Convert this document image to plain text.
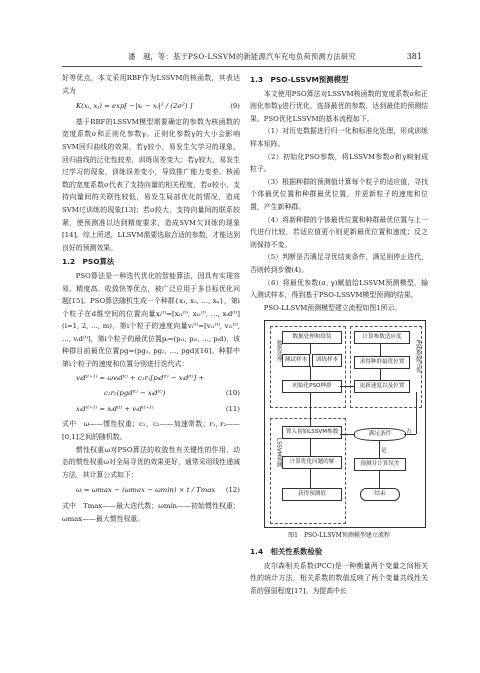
潘　越，等：基于PSO-LSSVM的新能源汽车充电负荷预测方法研究	381

好等优点，本文采用RBF作为LSSVM的核函数，其表达式为

K(xᵢ, xⱼ) = exp[ −|xᵢ − xⱼ|² / (2σ²) ]	(9)

基于RBF的LSSVM模型需要确定的参数为核函数的宽度系数σ和正则化参数γ。正则化参数γ的大小会影响SVM回归曲线的效果，若γ较小，易发生欠学习的现象，回归曲线的泛化性较差，训练误差变大；若γ较大，易发生过学习的现象，训练误差变小，导致推广能力变差。核函数的宽度系数σ代表了支持向量的相关程度，若σ较小，支持向量间的关联性较低，易发生局部优化的情况，造成SVM过训练的现象[13]；若σ较大，支持向量间的联系较紧，使预测准以达到精度要求，造成SVM欠训练的现象[14]。综上所述，LLSVM需要选取合适的参数，才能达到良好的预测效果。

1.2　PSO算法

PSO算法是一种迭代优化的智能算法，因具有实现容易、精度高、收敛快等优点，被广泛应用于多目标优化问题[15]。PSO算法随机生成一个种群{x₁, x₂, …, xₙ}，第i个粒子在d维空间的位置向量xᵢ⁽ᵗ⁾=[xᵢ₁⁽ᵗ⁾, xᵢ₂⁽ᵗ⁾, …, xᵢd⁽ᵗ⁾] (i=1, 2, …, m)，第i个粒子的速度向量vᵢ⁽ᵗ⁾=[vᵢ₁⁽ᵗ⁾, vᵢ₂⁽ᵗ⁾, …, vᵢd⁽ᵗ⁾]，第i个粒子的最优位置pᵢ=(pᵢ₁, pᵢ₂, …, pᵢd)，该种群目前最优位置pg=(pg₁, pg₂, …, pgd)[16]。种群中第i个粒子的速度和位置分别进行迭代式：

vᵢd⁽ᵗ⁺¹⁾ = ωvᵢd⁽ᵗ⁾ + c₁r₁[pᵢd⁽ᵗ⁾ − xᵢd⁽ᵗ⁾] +
c₂r₂(pgd⁽ᵗ⁾ − xᵢd⁽ᵗ⁾)	(10)
xᵢd⁽ᵗ⁺¹⁾ = xᵢd⁽ᵗ⁾ + vᵢd⁽ᵗ⁺¹⁾	(11)

式中　ω——惯性权重；c₁，c₂——加速常数；r₁, r₂——[0,1]之间的随机数。

惯性权重ω对PSO算法的收敛性有关键性的作用，动态的惯性权重ω对全局寻优的效果更好，通常采用线性递减方法，其计算公式如下：

ω = ωmax − (ωmax − ωmin) × t / Tmax (12)

式中　Tmax——最大迭代数；ωmin——初始惯性权重；ωmax——最大惯性权重。

1.3　PSO-LSSVM预测模型

本文使用PSO算法对LSSVM核函数的宽度系数σ和正则化参数γ进行优化，选择最优的参数，达到最佳的预测结果。PSO优化LSSVM的基本流程如下。

（1）对历史数据进行归一化和标准化处理，形成训练样本矩阵。

（2）初始化PSO参数，将LSSVM参数σ和γ映射成粒子。

（3）根据种群的预测值计算每个粒子的适应值，寻找个体最优位置和种群最优位置，并更新粒子的速度和位置，产生新种群。

（4）将新种群的个体最优位置和种群最优位置与上一代进行比较，若适应值更小则更新最优位置和速度；反之则保持不变。

（5）判断是否满足寻优结束条件，满足则停止迭代，否则转到步骤(4)。

（6）将最优参数(σ, γ)赋值给LSSVM预测模型，输入测试样本，得到基于PSO-LSSVM模型预测的结果。

PSO-LLSVM预测模型建立流程如图1所示。

数据处理	PSO参数寻优
LSSVM预测
数据处理和组装
测试样本	训练样本
初始化PSO种群
计算参数适应度
求得种群最优位置
更新速度以及位置
置入初始LSSVM参数
计算优化问题的解
获得预测值
满足条件
预测并计算误差
结束
是
否
图1　PSO-LLSVM预测模型建立流程

1.4　相关性系数检验

皮尔森相关系数(PCC)是一种衡量两个变量之间相关性的统计方法，相关系数的数值反映了两个变量共线性关系的强弱程度[17]。为提高中长
